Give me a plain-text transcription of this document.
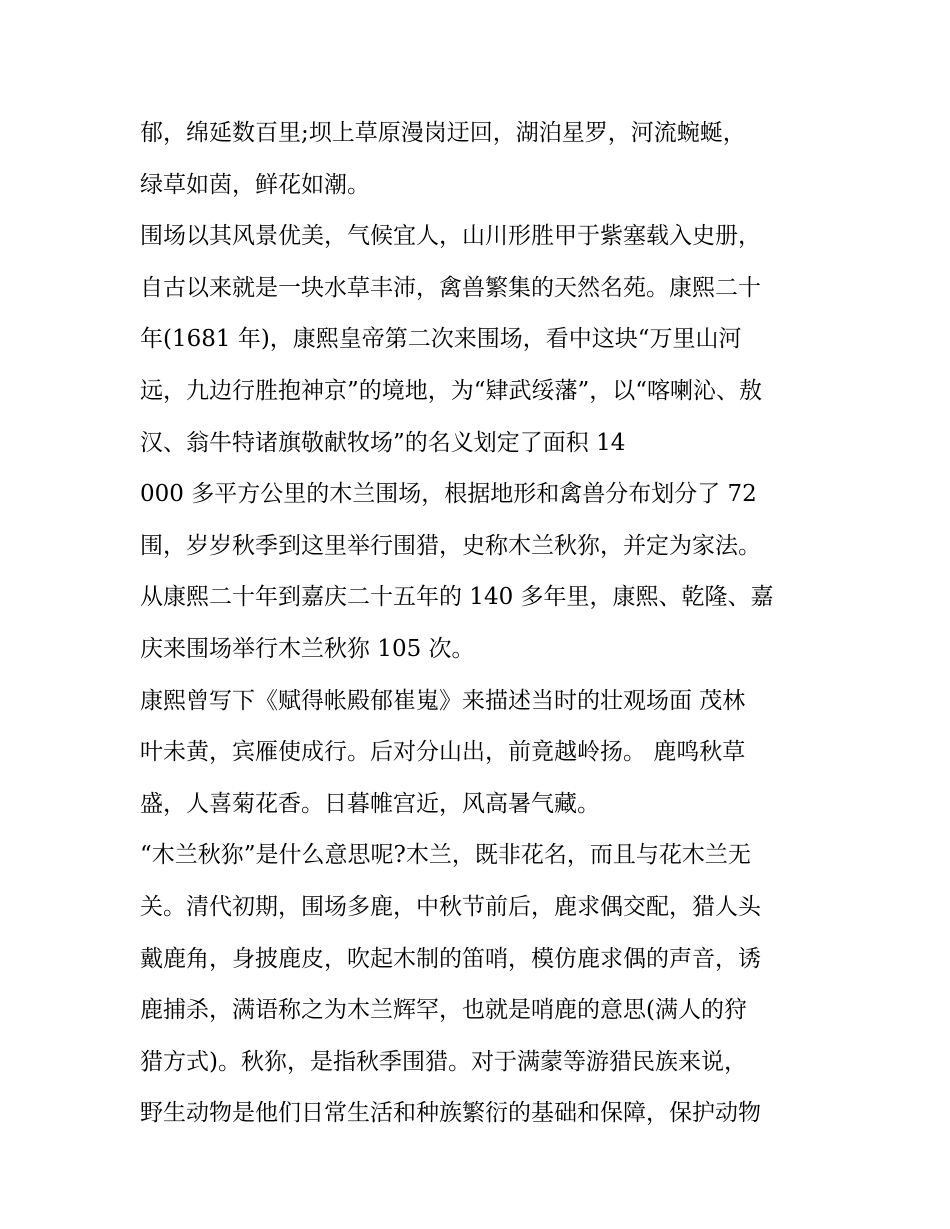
郁，绵延数百里;坝上草原漫岗迂回，湖泊星罗，河流蜿蜒，
绿草如茵，鲜花如潮。
围场以其风景优美，气候宜人，山川形胜甲于紫塞载入史册，
自古以来就是一块水草丰沛，禽兽繁集的天然名苑。康熙二十
年(1681 年)，康熙皇帝第二次来围场，看中这块“万里山河
远，九边行胜抱神京”的境地，为“肄武绥藩”，以“喀喇沁、敖
汉、翁牛特诸旗敬献牧场”的名义划定了面积 14
000 多平方公里的木兰围场，根据地形和禽兽分布划分了 72
围，岁岁秋季到这里举行围猎，史称木兰秋狝，并定为家法。
从康熙二十年到嘉庆二十五年的 140 多年里，康熙、乾隆、嘉
庆来围场举行木兰秋狝 105 次。
康熙曾写下《赋得帐殿郁崔嵬》来描述当时的壮观场面 茂林
叶未黄，宾雁使成行。后对分山出，前竟越岭扬。 鹿鸣秋草
盛，人喜菊花香。日暮帷宫近，风高暑气藏。
“木兰秋狝”是什么意思呢?木兰，既非花名，而且与花木兰无
关。清代初期，围场多鹿，中秋节前后，鹿求偶交配，猎人头
戴鹿角，身披鹿皮，吹起木制的笛哨，模仿鹿求偶的声音，诱
鹿捕杀，满语称之为木兰辉罕，也就是哨鹿的意思(满人的狩
猎方式)。秋狝，是指秋季围猎。对于满蒙等游猎民族来说，
野生动物是他们日常生活和种族繁衍的基础和保障，保护动物
